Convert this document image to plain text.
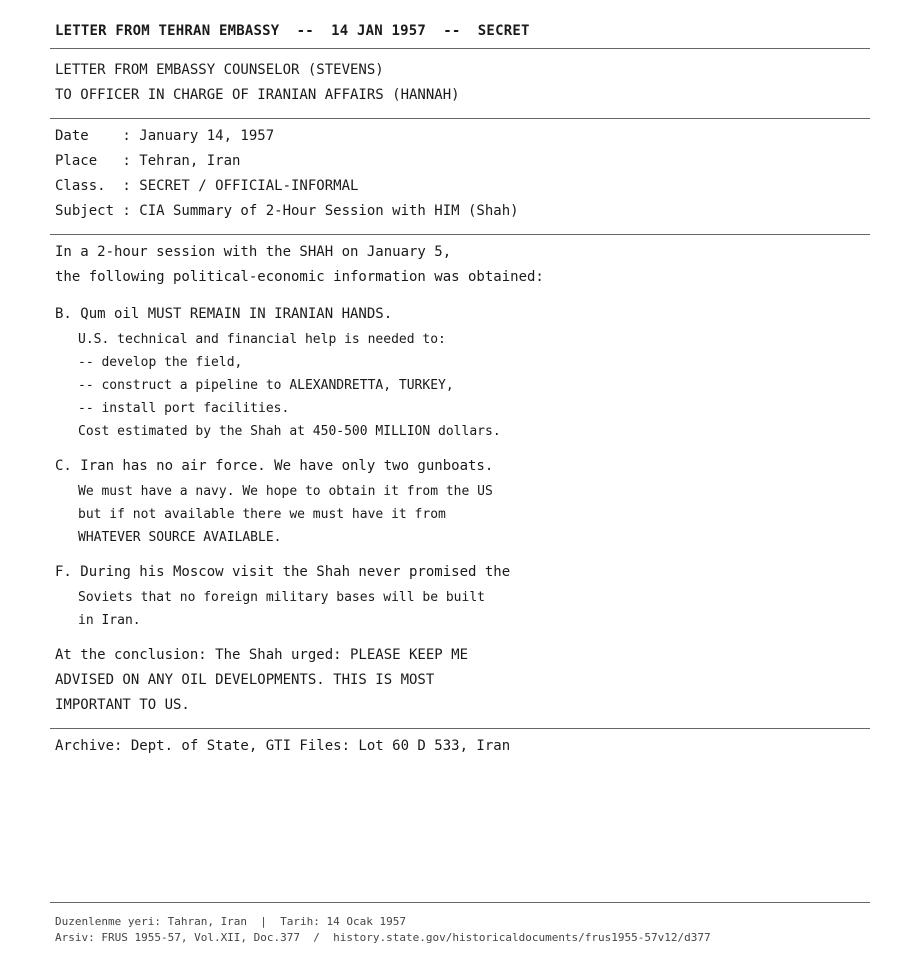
LETTER FROM TEHRAN EMBASSY  --  14 JAN 1957  --  SECRET
LETTER FROM EMBASSY COUNSELOR (STEVENS)
TO OFFICER IN CHARGE OF IRANIAN AFFAIRS (HANNAH)
Date    : January 14, 1957
Place   : Tehran, Iran
Class.  : SECRET / OFFICIAL-INFORMAL
Subject : CIA Summary of 2-Hour Session with HIM (Shah)
In a 2-hour session with the SHAH on January 5,
the following political-economic information was obtained:
B. Qum oil MUST REMAIN IN IRANIAN HANDS.
U.S. technical and financial help is needed to:
-- develop the field,
-- construct a pipeline to ALEXANDRETTA, TURKEY,
-- install port facilities.
Cost estimated by the Shah at 450-500 MILLION dollars.
C. Iran has no air force. We have only two gunboats.
We must have a navy. We hope to obtain it from the US
but if not available there we must have it from
WHATEVER SOURCE AVAILABLE.
F. During his Moscow visit the Shah never promised the
Soviets that no foreign military bases will be built
in Iran.
At the conclusion: The Shah urged: PLEASE KEEP ME
ADVISED ON ANY OIL DEVELOPMENTS. THIS IS MOST
IMPORTANT TO US.
Archive: Dept. of State, GTI Files: Lot 60 D 533, Iran
Duzenlenme yeri: Tahran, Iran  |  Tarih: 14 Ocak 1957
Arsiv: FRUS 1955-57, Vol.XII, Doc.377  /  history.state.gov/historicaldocuments/frus1955-57v12/d377
